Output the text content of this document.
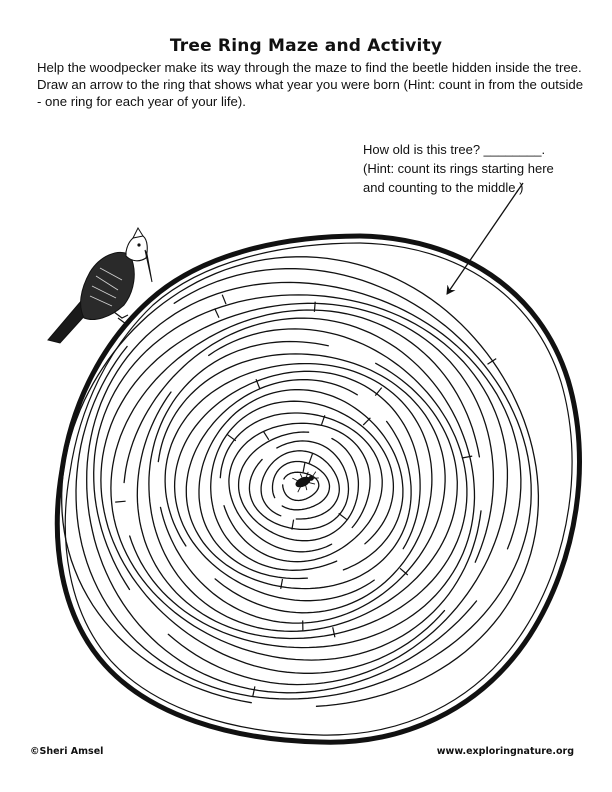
Tree Ring Maze and Activity

Help the woodpecker make its way through the maze to find the beetle hidden inside the tree.

Draw an arrow to the ring that shows what year you were born (Hint: count in from the outside - one ring for each year of your life).

How old is this tree? ________.
(Hint: count its rings starting here
and counting to the middle.)
©Sheri Amsel	www.exploringnature.org
